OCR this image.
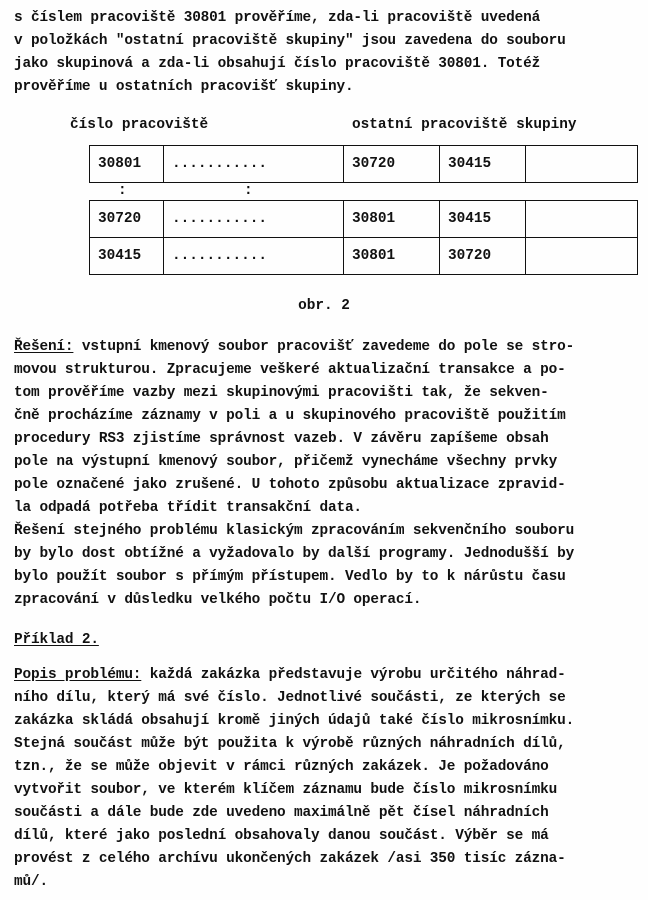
s číslem pracoviště 30801 prověříme, zda-li pracoviště uvedená
v položkách "ostatní pracoviště skupiny" jsou zavedena do souboru
jako skupinová a zda-li obsahují číslo pracoviště 30801. Totéž
prověříme u ostatních pracovišť skupiny.
číslo pracoviště	ostatní pracoviště skupiny
30801	...........	30720	30415	
:	:
30720	...........	30801	30415	
30415	...........	30801	30720	
obr. 2
Řešení: vstupní kmenový soubor pracovišť zavedeme do pole se stro-
movou strukturou. Zpracujeme veškeré aktualizační transakce a po-
tom prověříme vazby mezi skupinovými pracovišti tak, že sekven-
čně procházíme záznamy v poli a u skupinového pracoviště použitím
procedury RS3 zjistíme správnost vazeb. V závěru zapíšeme obsah
pole na výstupní kmenový soubor, přičemž vynecháme všechny prvky
pole označené jako zrušené. U tohoto způsobu aktualizace zpravid-
la odpadá potřeba třídit transakční data.
Řešení stejného problému klasickým zpracováním sekvenčního souboru
by bylo dost obtížné a vyžadovalo by další programy. Jednodušší by
bylo použít soubor s přímým přístupem. Vedlo by to k nárůstu času
zpracování v důsledku velkého počtu I/O operací.
Příklad 2.
Popis problému: každá zakázka představuje výrobu určitého náhrad-
ního dílu, který má své číslo. Jednotlivé součásti, ze kterých se
zakázka skládá obsahují kromě jiných údajů také číslo mikrosnímku.
Stejná součást může být použita k výrobě různých náhradních dílů,
tzn., že se může objevit v rámci různých zakázek. Je požadováno
vytvořit soubor, ve kterém klíčem záznamu bude číslo mikrosnímku
součásti a dále bude zde uvedeno maximálně pět čísel náhradních
dílů, které jako poslední obsahovaly danou součást. Výběr se má
provést z celého archívu ukončených zakázek /asi 350 tisíc zázna-
mů/.
